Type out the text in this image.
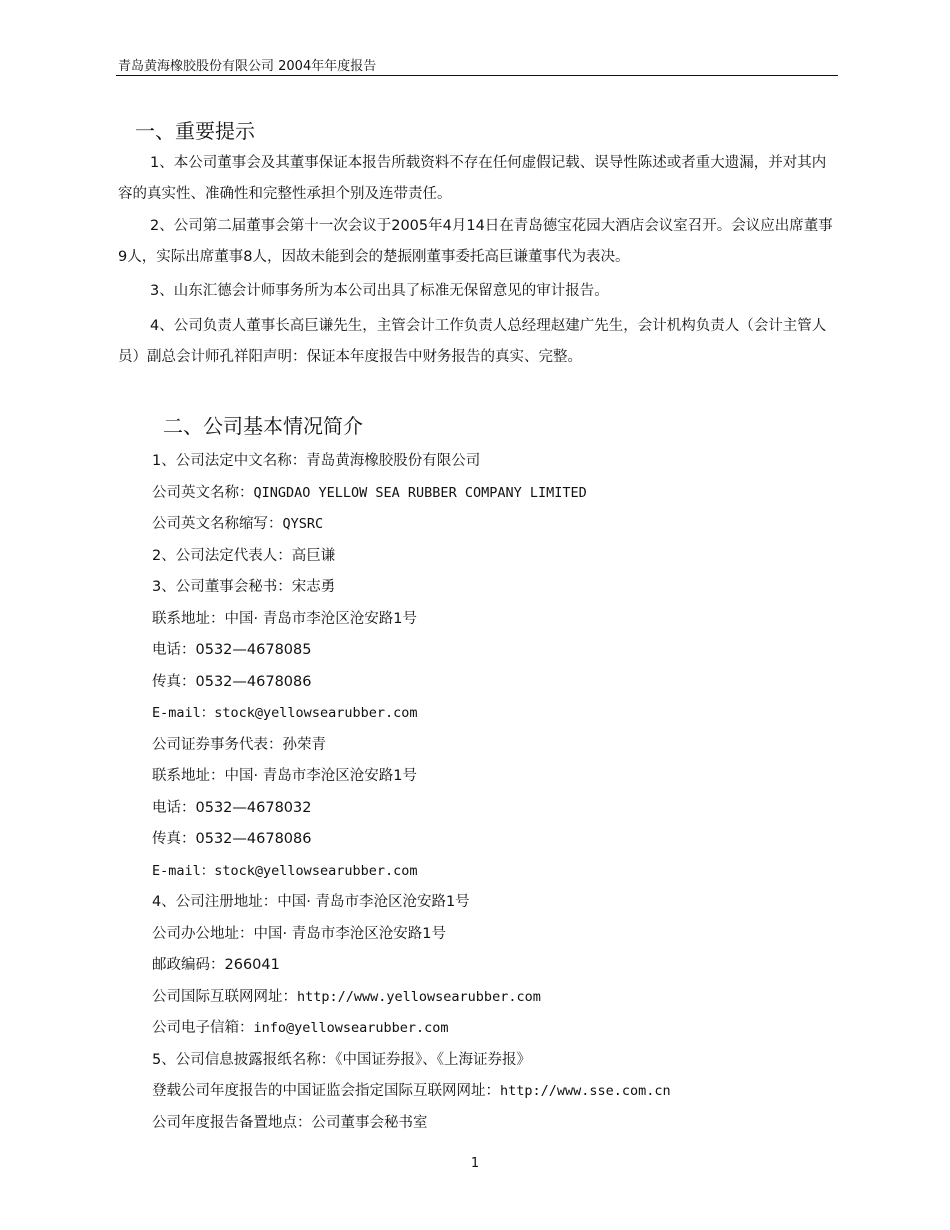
青岛黄海橡胶股份有限公司 2004年年度报告
一、重要提示

1、本公司董事会及其董事保证本报告所载资料不存在任何虚假记载、误导性陈述或者重大遗漏，并对其内容的真实性、准确性和完整性承担个别及连带责任。

2、公司第二届董事会第十一次会议于2005年4月14日在青岛德宝花园大酒店会议室召开。会议应出席董事9人，实际出席董事8人，因故未能到会的楚振刚董事委托高巨谦董事代为表决。

3、山东汇德会计师事务所为本公司出具了标准无保留意见的审计报告。

4、公司负责人董事长高巨谦先生，主管会计工作负责人总经理赵建广先生，会计机构负责人（会计主管人员）副总会计师孔祥阳声明：保证本年度报告中财务报告的真实、完整。

二、公司基本情况简介
1、公司法定中文名称：青岛黄海橡胶股份有限公司
公司英文名称：QINGDAO YELLOW SEA RUBBER COMPANY LIMITED
公司英文名称缩写：QYSRC
2、公司法定代表人：高巨谦
3、公司董事会秘书：宋志勇
联系地址：中国· 青岛市李沧区沧安路1号
电话：0532—4678085
传真：0532—4678086
E-mail：stock@yellowsearubber.com
公司证券事务代表：孙荣青
联系地址：中国· 青岛市李沧区沧安路1号
电话：0532—4678032
传真：0532—4678086
E-mail：stock@yellowsearubber.com
4、公司注册地址：中国· 青岛市李沧区沧安路1号
公司办公地址：中国· 青岛市李沧区沧安路1号
邮政编码：266041
公司国际互联网网址：http://www.yellowsearubber.com
公司电子信箱：info@yellowsearubber.com
5、公司信息披露报纸名称：《中国证券报》、《上海证券报》
登载公司年度报告的中国证监会指定国际互联网网址：http://www.sse.com.cn
公司年度报告备置地点：公司董事会秘书室
1
